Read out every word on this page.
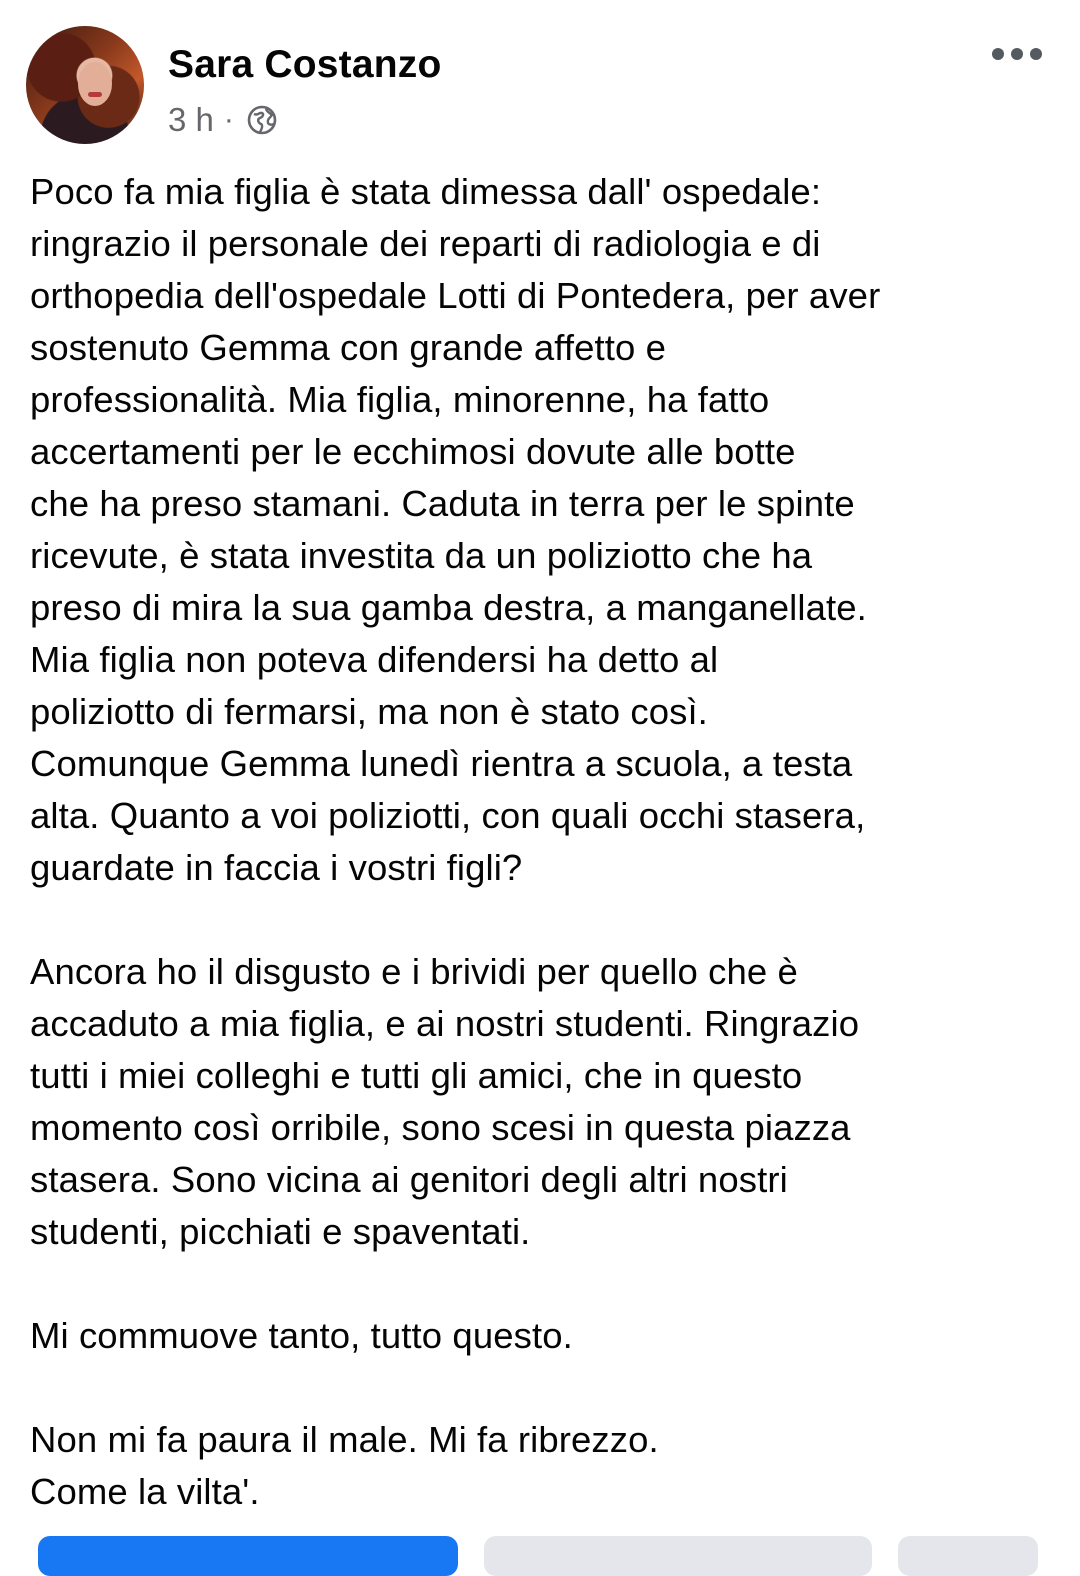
Sara Costanzo
3 h ·

Poco fa mia figlia è stata dimessa dall' ospedale:
ringrazio il personale dei reparti di radiologia e di
orthopedia dell'ospedale Lotti di Pontedera, per aver
sostenuto Gemma con grande affetto e
professionalità. Mia figlia, minorenne, ha fatto
accertamenti per le ecchimosi dovute alle botte
che ha preso stamani. Caduta in terra per le spinte
ricevute, è stata investita da un poliziotto che ha
preso di mira la sua gamba destra, a manganellate.
Mia figlia non poteva difendersi ha detto al
poliziotto di fermarsi, ma non è stato così.
Comunque Gemma lunedì rientra a scuola, a testa
alta. Quanto a voi poliziotti, con quali occhi stasera,
guardate in faccia i vostri figli?

Ancora ho il disgusto e i brividi per quello che è
accaduto a mia figlia, e ai nostri studenti. Ringrazio
tutti i miei colleghi e tutti gli amici, che in questo
momento così orribile, sono scesi in questa piazza
stasera. Sono vicina ai genitori degli altri nostri
studenti, picchiati e spaventati.

Mi commuove tanto, tutto questo.

Non mi fa paura il male. Mi fa ribrezzo.
Come la vilta'.
